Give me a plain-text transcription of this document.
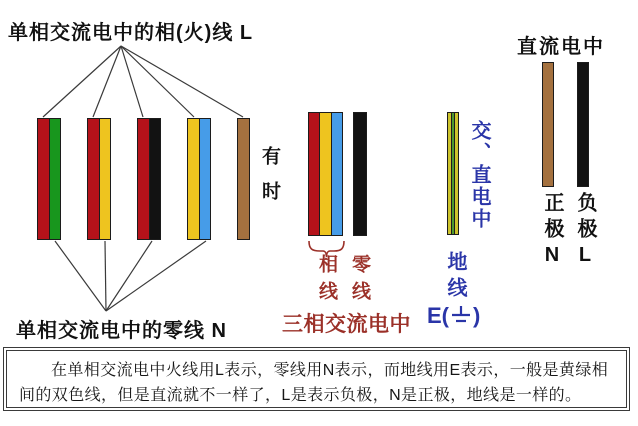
单相交流电中的相(火)线 L
单相交流电中的零线 N
有时
相线 零线
三相交流电中
交、直电中
地线
E( )
直流电中
正极N 负极L
在单相交流电中火线用L表示，零线用N表示，而地线用E表示，一般是黄绿相
间的双色线，但是直流就不一样了，L是表示负极，N是正极，地线是一样的。
